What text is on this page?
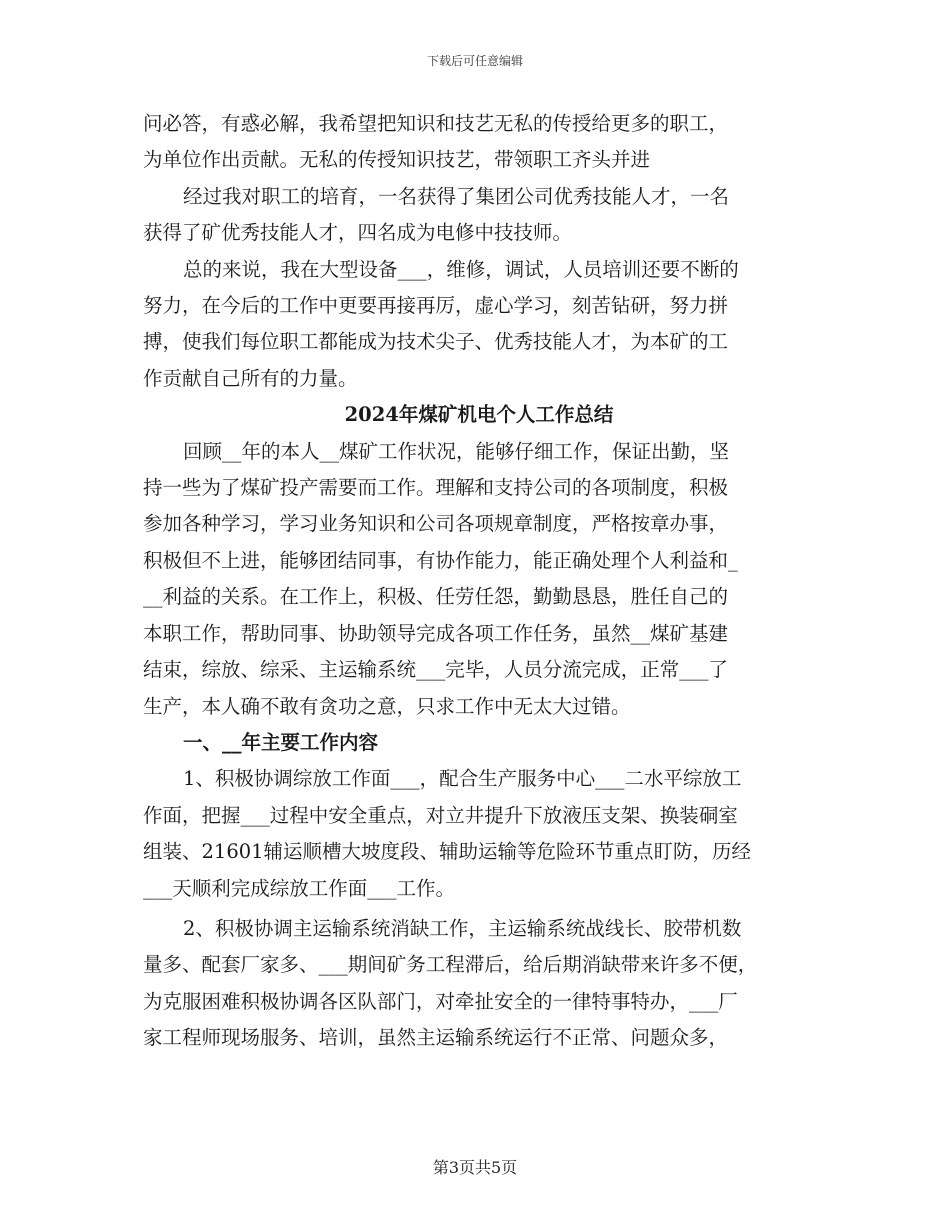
下载后可任意编辑

问必答，有惑必解，我希望把知识和技艺无私的传授给更多的职工，

为单位作出贡献。无私的传授知识技艺，带领职工齐头并进

经过我对职工的培育，一名获得了集团公司优秀技能人才，一名

获得了矿优秀技能人才，四名成为电修中技技师。

总的来说，我在大型设备___，维修，调试，人员培训还要不断的

努力，在今后的工作中更要再接再厉，虚心学习，刻苦钻研，努力拼

搏，使我们每位职工都能成为技术尖子、优秀技能人才，为本矿的工

作贡献自己所有的力量。

2024年煤矿机电个人工作总结

回顾__年的本人__煤矿工作状况，能够仔细工作，保证出勤，坚

持一些为了煤矿投产需要而工作。理解和支持公司的各项制度，积极

参加各种学习，学习业务知识和公司各项规章制度，严格按章办事，

积极但不上进，能够团结同事，有协作能力，能正确处理个人利益和_

__利益的关系。在工作上，积极、任劳任怨，勤勤恳恳，胜任自己的

本职工作，帮助同事、协助领导完成各项工作任务，虽然__煤矿基建

结束，综放、综采、主运输系统___完毕，人员分流完成，正常___了

生产，本人确不敢有贪功之意，只求工作中无太大过错。

一、__年主要工作内容

1、积极协调综放工作面___，配合生产服务中心___二水平综放工

作面，把握___过程中安全重点，对立井提升下放液压支架、换装硐室

组装、21601辅运顺槽大坡度段、辅助运输等危险环节重点盯防，历经

___天顺利完成综放工作面___工作。

2、积极协调主运输系统消缺工作，主运输系统战线长、胶带机数

量多、配套厂家多、___期间矿务工程滞后，给后期消缺带来许多不便，

为克服困难积极协调各区队部门，对牵扯安全的一律特事特办，___厂

家工程师现场服务、培训，虽然主运输系统运行不正常、问题众多，

第3页共5页
